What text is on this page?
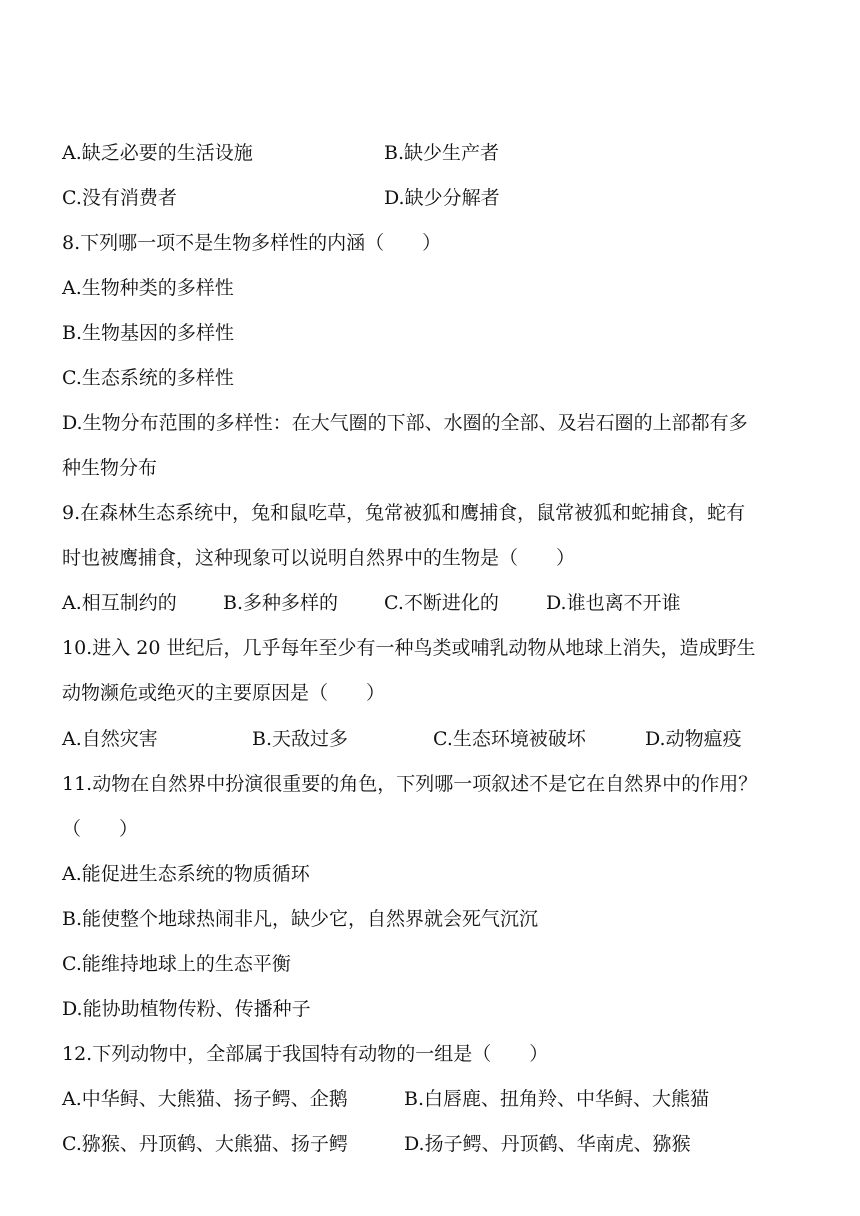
A.缺乏必要的生活设施	B.缺少生产者
C.没有消费者	D.缺少分解者
8.下列哪一项不是生物多样性的内涵（　　）
A.生物种类的多样性
B.生物基因的多样性
C.生态系统的多样性
D.生物分布范围的多样性：在大气圈的下部、水圈的全部、及岩石圈的上部都有多
种生物分布
9.在森林生态系统中，兔和鼠吃草，兔常被狐和鹰捕食，鼠常被狐和蛇捕食，蛇有
时也被鹰捕食，这种现象可以说明自然界中的生物是（　　）
A.相互制约的 B.多种多样的 C.不断进化的 D.谁也离不开谁
10.进入 20 世纪后，几乎每年至少有一种鸟类或哺乳动物从地球上消失，造成野生
动物濒危或绝灭的主要原因是（　　）
A.自然灾害	B.天敌过多	C.生态环境被破坏	D.动物瘟疫
11.动物在自然界中扮演很重要的角色，下列哪一项叙述不是它在自然界中的作用？
（　　）
A.能促进生态系统的物质循环
B.能使整个地球热闹非凡，缺少它，自然界就会死气沉沉
C.能维持地球上的生态平衡
D.能协助植物传粉、传播种子
12.下列动物中，全部属于我国特有动物的一组是（　　）
A.中华鲟、大熊猫、扬子鳄、企鹅	B.白唇鹿、扭角羚、中华鲟、大熊猫
C.猕猴、丹顶鹤、大熊猫、扬子鳄	D.扬子鳄、丹顶鹤、华南虎、猕猴
